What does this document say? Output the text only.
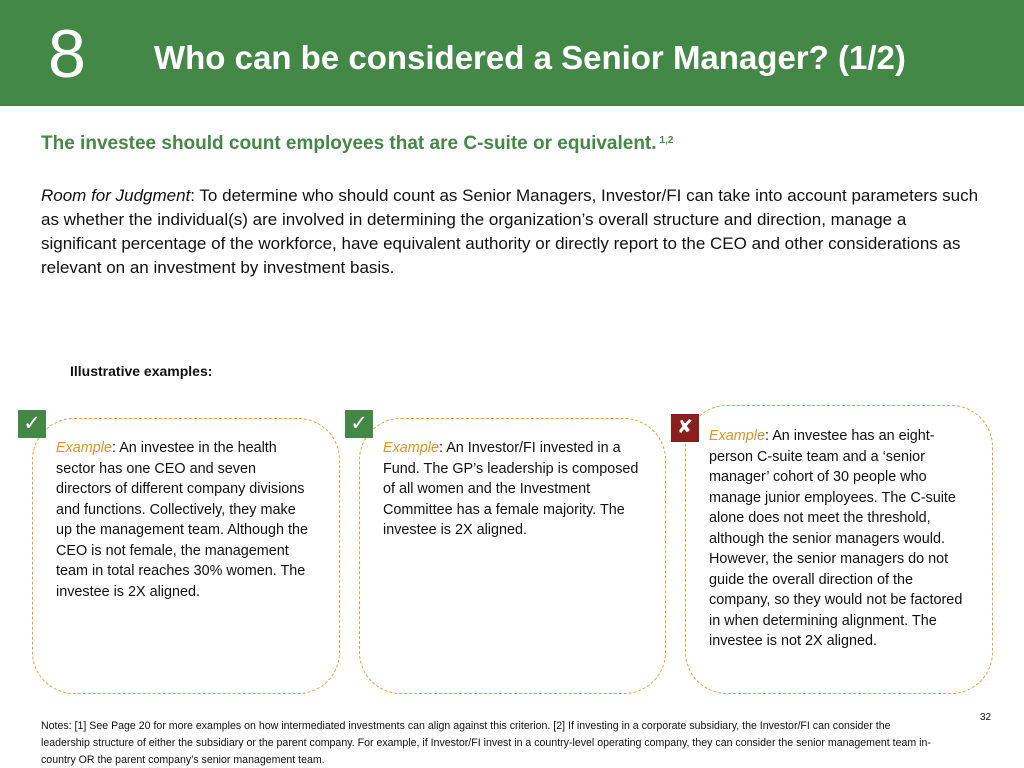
8 Who can be considered a Senior Manager? (1/2)
The investee should count employees that are C-suite or equivalent. $^{1,2}$
Room for Judgment: To determine who should count as Senior Managers, Investor/FI can take into account parameters such as whether the individual(s) are involved in determining the organization’s overall structure and direction, manage a significant percentage of the workforce, have equivalent authority or directly report to the CEO and other considerations as relevant on an investment by investment basis.
Illustrative examples:
✓
Example: An investee in the health sector has one CEO and seven directors of different company divisions and functions. Collectively, they make up the management team. Although the CEO is not female, the management team in total reaches 30% women. The investee is 2X aligned.
✓
Example: An Investor/FI invested in a Fund. The GP’s leadership is composed of all women and the Investment Committee has a female majority. The investee is 2X aligned.
✘	Example: An investee has an eight-person C-suite team and a ‘senior manager’ cohort of 30 people who manage junior employees. The C-suite alone does not meet the threshold, although the senior managers would. However, the senior managers do not guide the overall direction of the company, so they would not be factored in when determining alignment. The investee is not 2X aligned.
32
Notes: [1] See Page 20 for more examples on how intermediated investments can align against this criterion. [2] If investing in a corporate subsidiary, the Investor/FI can consider the leadership structure of either the subsidiary or the parent company. For example, if Investor/FI invest in a country-level operating company, they can consider the senior management team in-country OR the parent company’s senior management team.
